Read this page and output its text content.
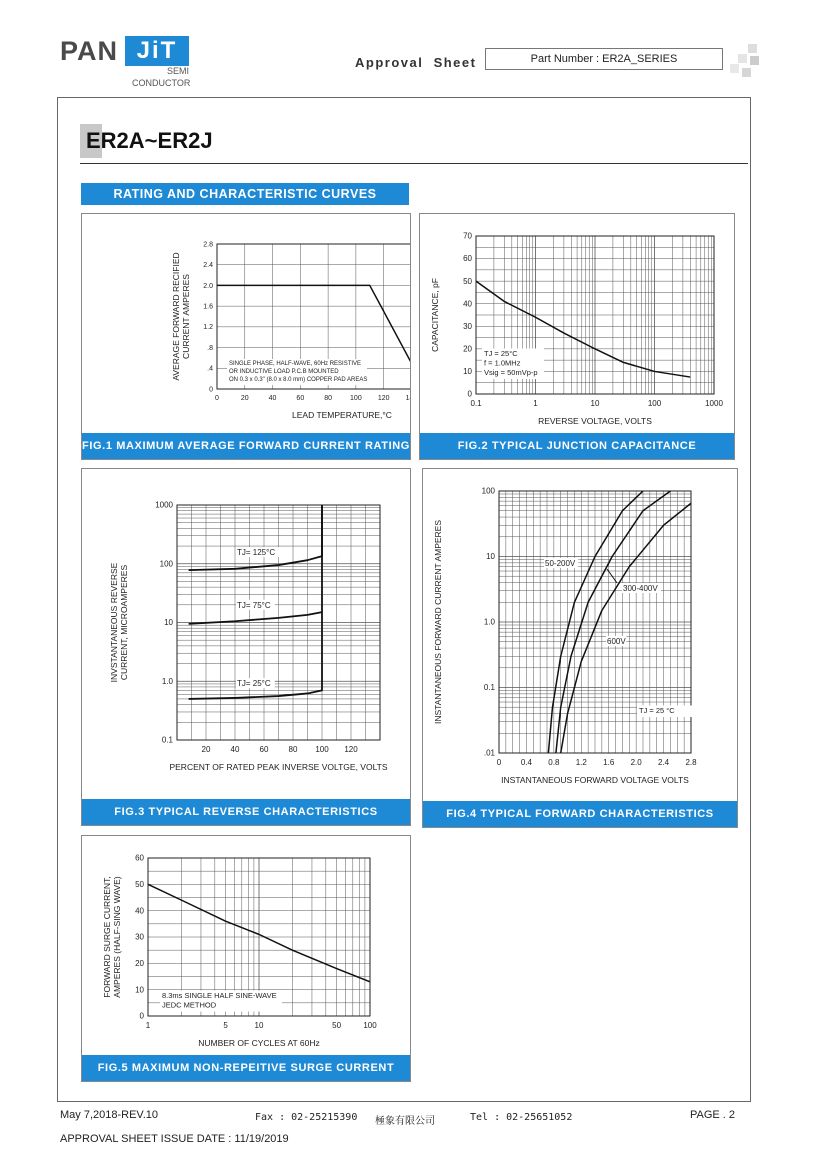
PAN JiT
SEMI
CONDUCTOR
Approval  Sheet	Part Number : ER2A_SERIES
ER2A~ER2J
RATING AND CHARACTERISTIC CURVES
0	20	40	60	80	100 120 1
0
.4
.8
1.2
1.6
2.0
2.4
2.8
LEAD TEMPERATURE,°C
AVERAGE FORWARD RECIFIED CURRENT AMPERES
SINGLE PHASE, HALF-WAVE, 60Hz RESISTIVE
OR INDUCTIVE LOAD P.C.B MOUNTED
ON 0.3 x 0.3" (8.0 x 8.0 mm) COPPER PAD AREAS
FIG.1 MAXIMUM AVERAGE FORWARD CURRENT RATING
0.1	1	10	100	1000
0
10
20
30
40
50
60
70
REVERSE VOLTAGE, VOLTS
CAPACITANCE, pF
TJ = 25°C
f = 1.0MHz
Vsig = 50mVp-p
FIG.2 TYPICAL JUNCTION CAPACITANCE
20	40	60	80 100 120
0.1
1.0
10
100
1000
PERCENT OF RATED PEAK INVERSE VOLTGE, VOLTS
INVSTANTANEOUS REVERSE CURRENT, MICROAMPERES
TJ= 125°C
TJ= 75°C
TJ= 25°C
FIG.3 TYPICAL REVERSE CHARACTERISTICS
0 0.4 0.8 1.2 1.6 2.0 2.4 2.8
.01
0.1
1.0
10
100
INSTANTANEOUS FORWARD VOLTAGE VOLTS
INSTANTANEOUS FORWARD CURRENT AMPERES	50-200V
300-400V
600V
TJ = 25 °C
FIG.4 TYPICAL FORWARD CHARACTERISTICS
1	5	10	50	100
0
10
20
30
40
50
60
NUMBER OF CYCLES AT 60Hz
FORWARD SURGE CURRENT, AMPERES (HALF-SING WAVE)	8.3ms SINGLE HALF SINE-WAVE
JEDC METHOD
FIG.5 MAXIMUM NON-REPEITIVE SURGE CURRENT
May 7,2018-REV.10	Fax : 02-25215390 極象有限公司	Tel : 02-25651052	PAGE . 2
APPROVAL SHEET ISSUE DATE : 11/19/2019
